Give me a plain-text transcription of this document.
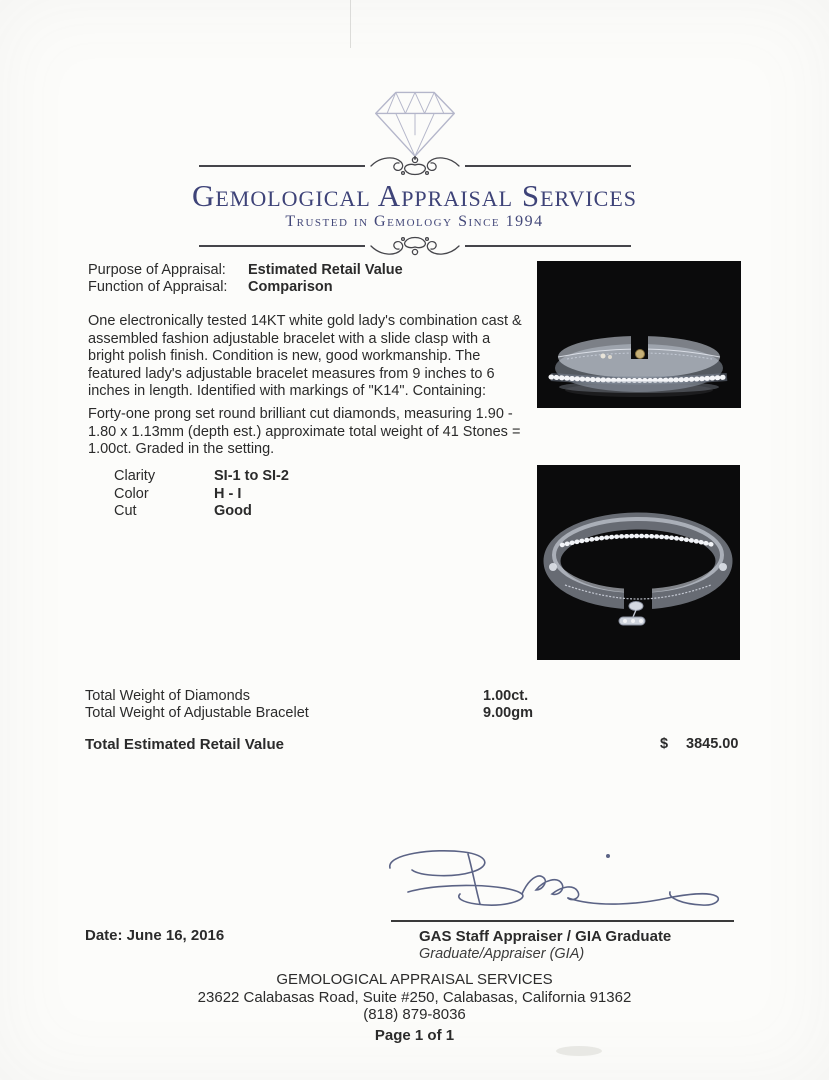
Gemological Appraisal Services
Trusted in Gemology Since 1994
Purpose of Appraisal:	Estimated Retail Value
Function of Appraisal:	Comparison

One electronically tested 14KT white gold lady's combination cast & assembled fashion adjustable bracelet with a slide clasp with a bright polish finish. Condition is new, good workmanship. The featured lady's adjustable bracelet measures from 9 inches to 6 inches in length. Identified with markings of "K14". Containing:

Forty-one prong set round brilliant cut diamonds, measuring 1.90 - 1.80 x 1.13mm (depth est.) approximate total weight of 41 Stones = 1.00ct. Graded in the setting.

Clarity	SI-1 to SI-2
Color	H - I
Cut	Good
Total Weight of Diamonds	1.00ct.
Total Weight of Adjustable Bracelet	9.00gm
Total Estimated Retail Value	$ 3845.00
Date: June 16, 2016	GAS Staff Appraiser / GIA Graduate
Graduate/Appraiser (GIA)
GEMOLOGICAL APPRAISAL SERVICES
23622 Calabasas Road, Suite #250, Calabasas, California 91362
(818) 879-8036
Page 1 of 1
